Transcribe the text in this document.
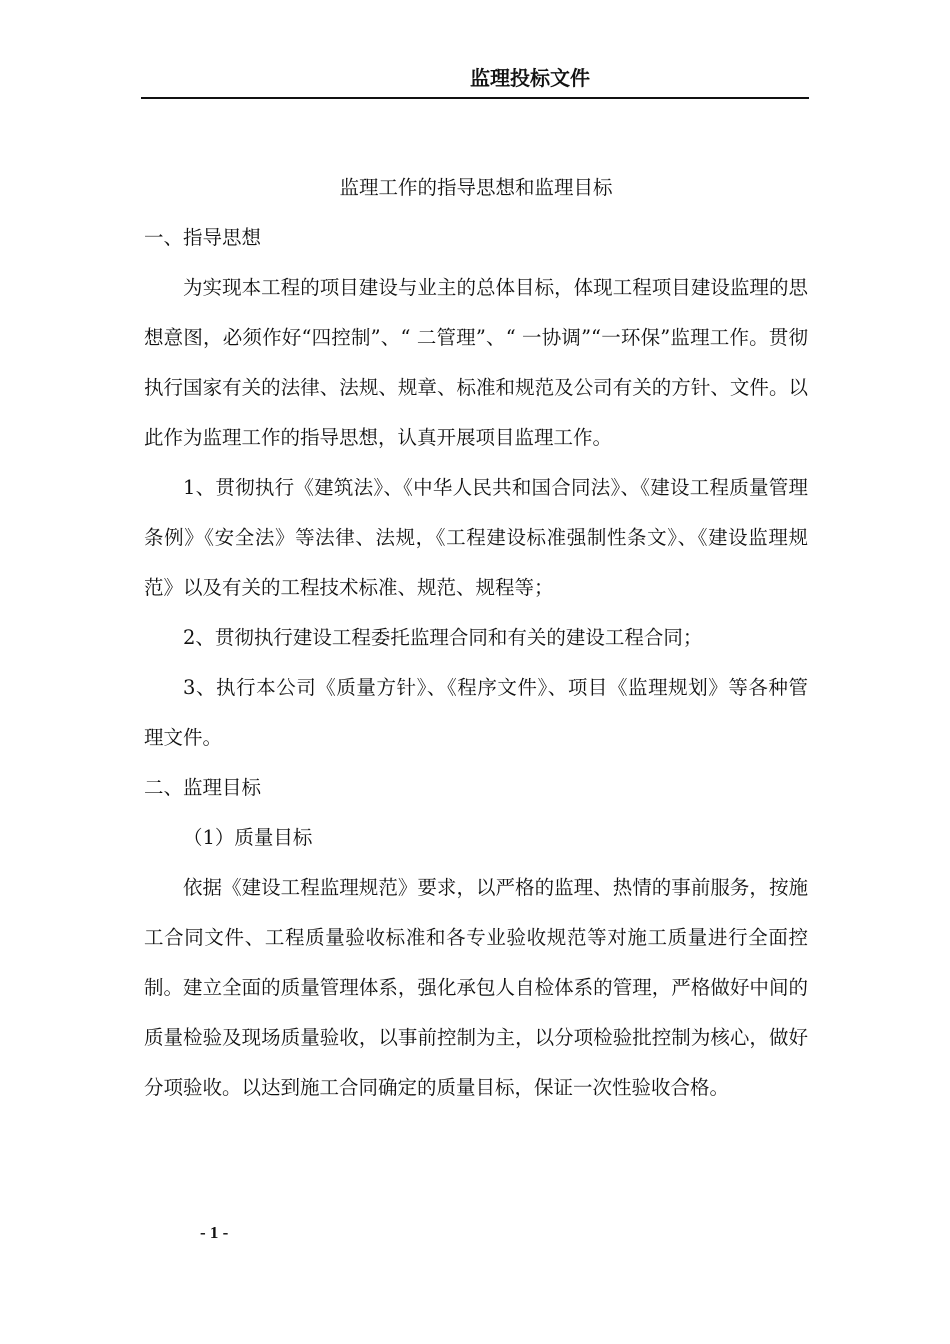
监理投标文件
监理工作的指导思想和监理目标
一、指导思想

为实现本工程的项目建设与业主的总体目标，体现工程项目建设监理的思想意图，必须作好“四控制”、“ 二管理”、“ 一协调”“一环保”监理工作。贯彻执行国家有关的法律、法规、规章、标准和规范及公司有关的方针、文件。以此作为监理工作的指导思想，认真开展项目监理工作。

1、贯彻执行《建筑法》、《中华人民共和国合同法》、《建设工程质量管理条例》《安全法》等法律、法规，《工程建设标准强制性条文》、《建设监理规范》以及有关的工程技术标准、规范、规程等；

2、贯彻执行建设工程委托监理合同和有关的建设工程合同；

3、执行本公司《质量方针》、《程序文件》、项目《监理规划》等各种管理文件。

二、监理目标

（1）质量目标

依据《建设工程监理规范》要求，以严格的监理、热情的事前服务，按施工合同文件、工程质量验收标准和各专业验收规范等对施工质量进行全面控制。建立全面的质量管理体系，强化承包人自检体系的管理，严格做好中间的质量检验及现场质量验收，以事前控制为主，以分项检验批控制为核心，做好分项验收。以达到施工合同确定的质量目标，保证一次性验收合格。

- 1 -
